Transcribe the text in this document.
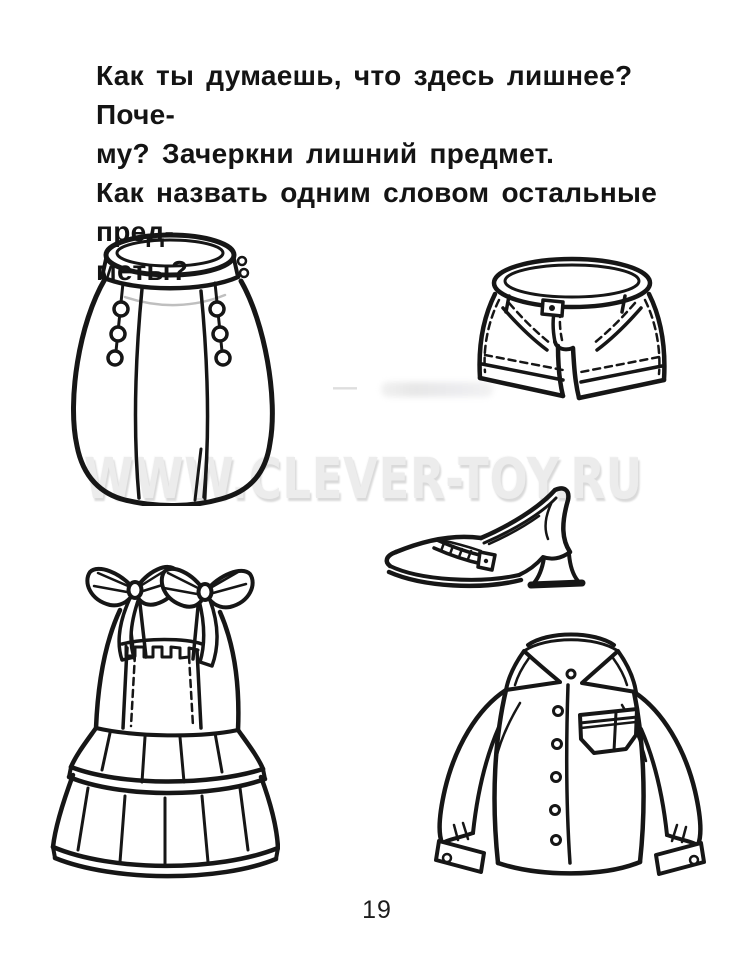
Как ты думаешь, что здесь лишнее? Поче-
му? Зачеркни лишний предмет.
Как назвать одним словом остальные пред-
меты?
—
WWW.CLEVER-TOY.RU
19
